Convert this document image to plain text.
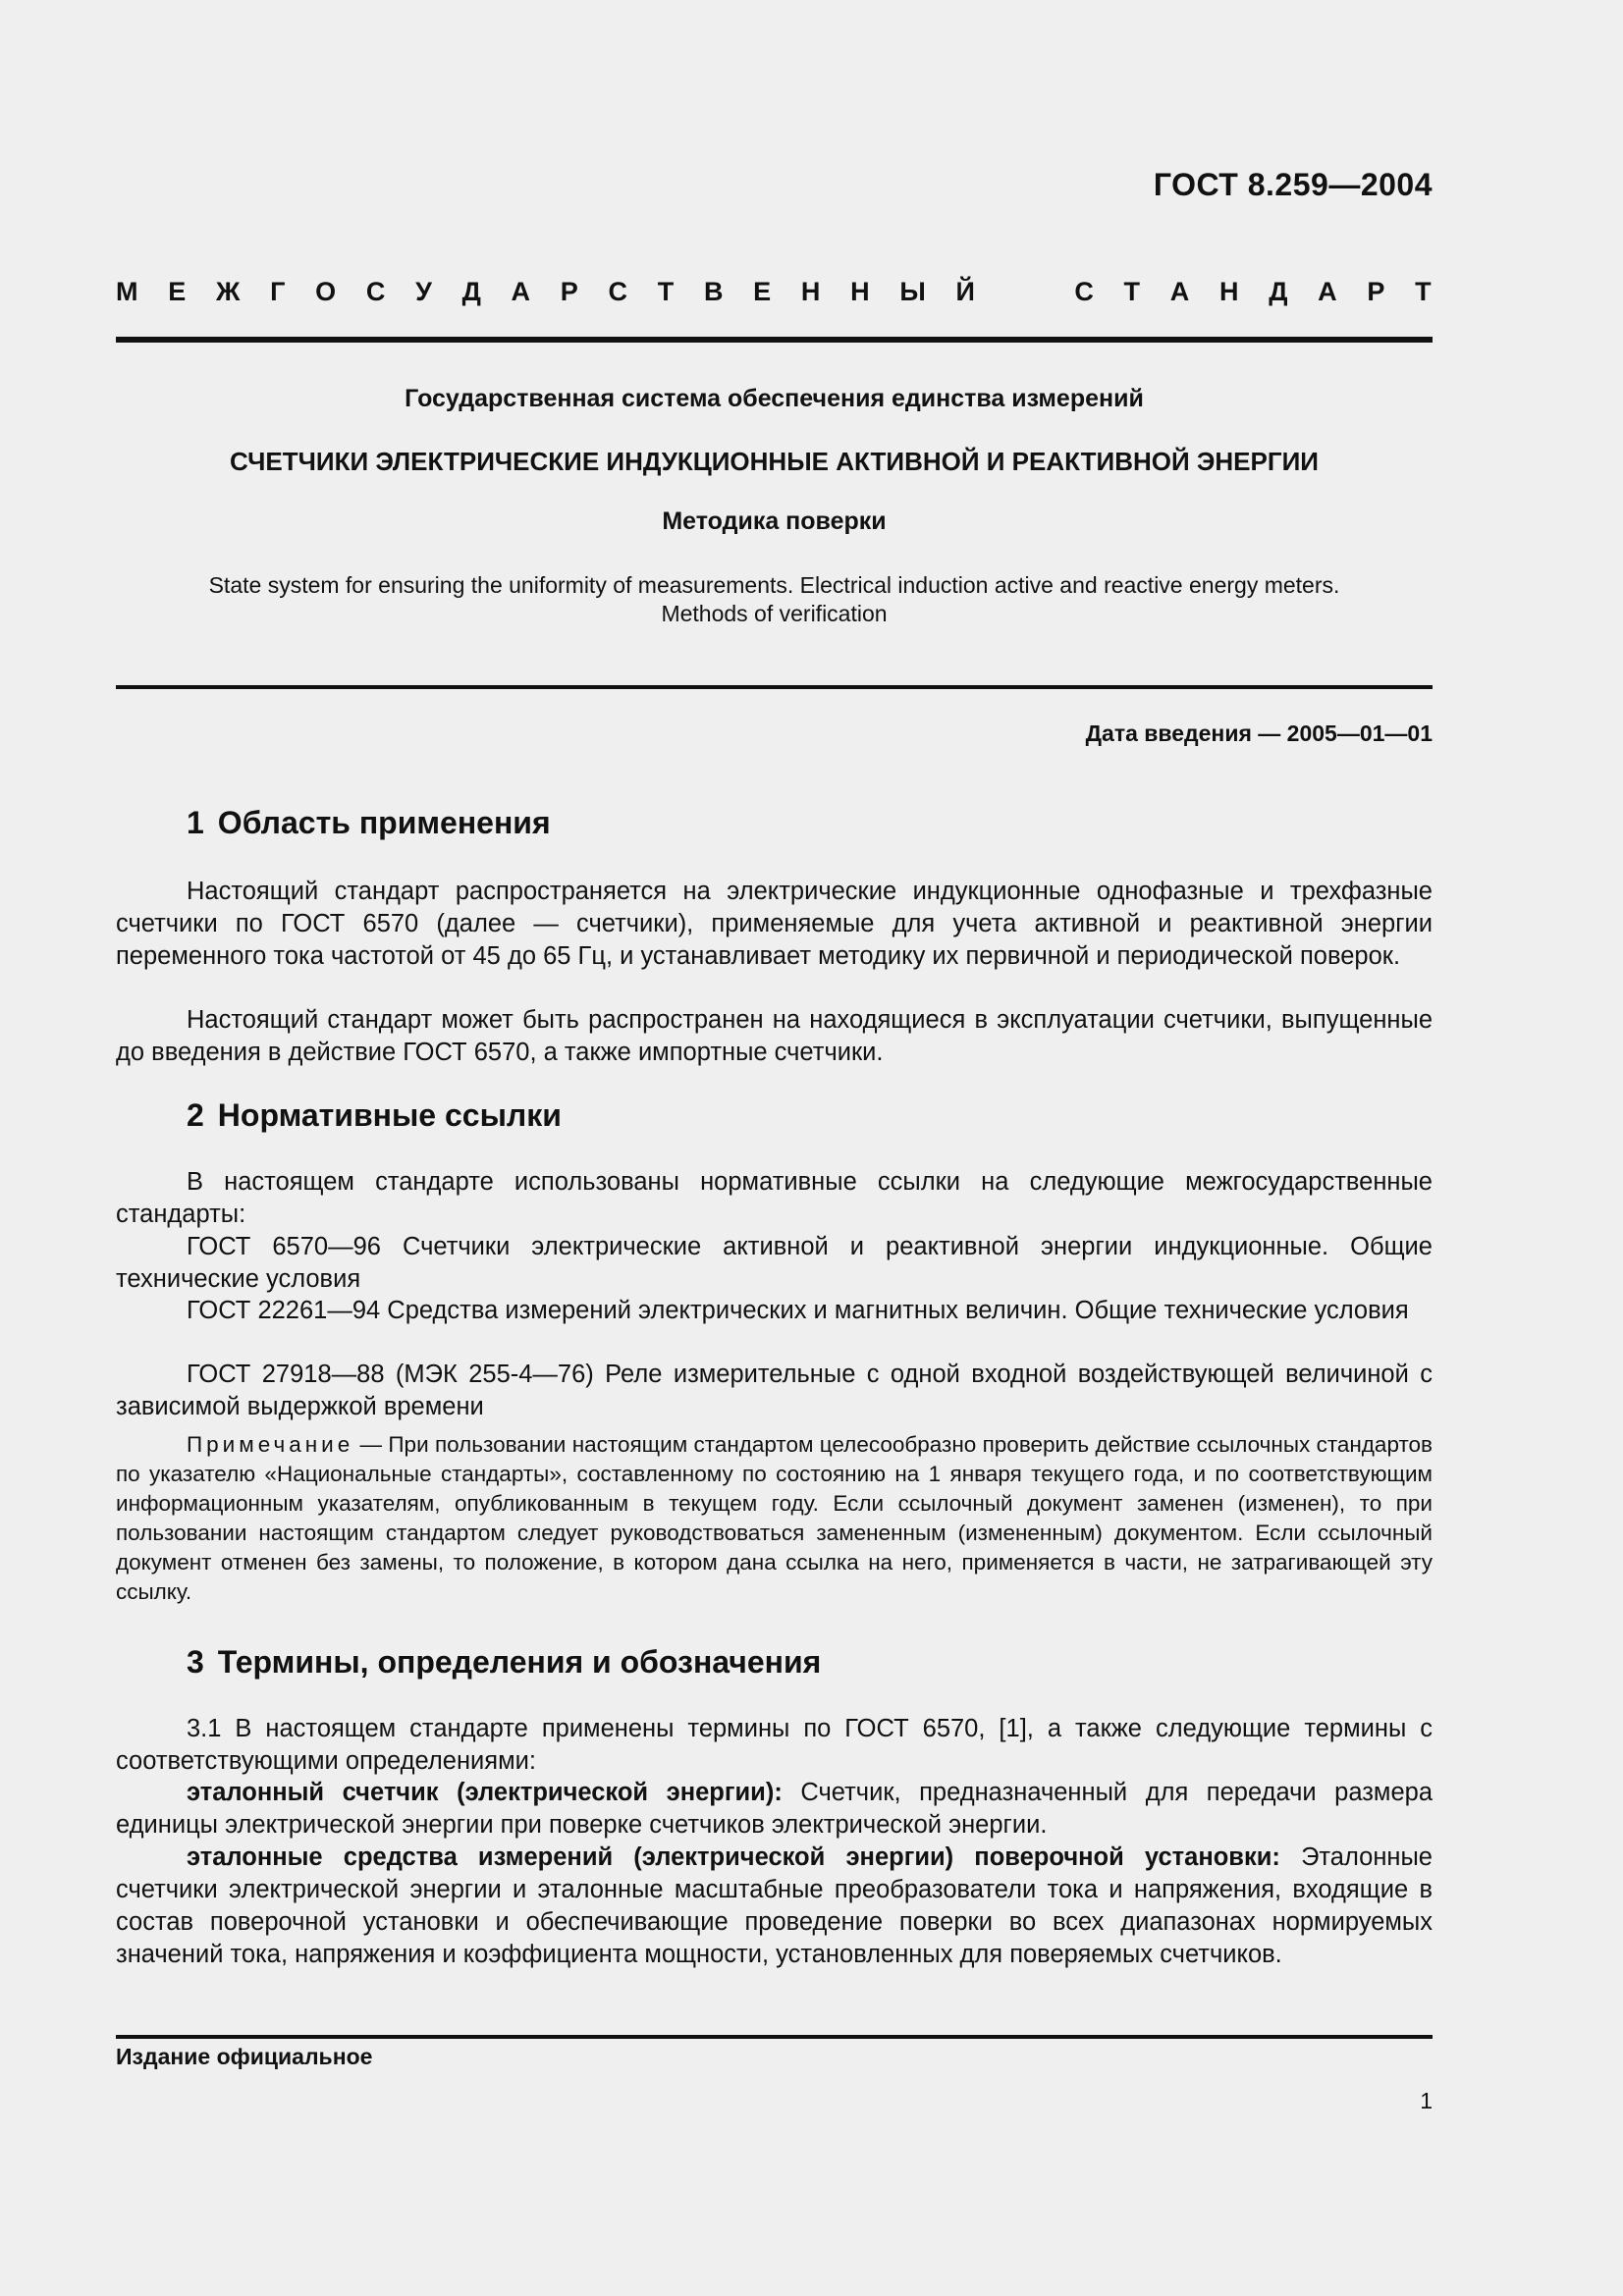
ГОСТ 8.259—2004
М Е Ж Г О С У Д А Р С Т В Е Н Н Ы Й	С Т А Н Д А Р Т
Государственная система обеспечения единства измерений
СЧЕТЧИКИ ЭЛЕКТРИЧЕСКИЕ ИНДУКЦИОННЫЕ АКТИВНОЙ И РЕАКТИВНОЙ ЭНЕРГИИ
Методика поверки
State system for ensuring the uniformity of measurements. Electrical induction active and reactive energy meters.
Methods of verification
Дата введения — 2005—01—01
1 Область применения
Настоящий стандарт распространяется на электрические индукционные однофазные и трехфазные счетчики по ГОСТ 6570 (далее — счетчики), применяемые для учета активной и реактивной энергии переменного тока частотой от 45 до 65 Гц, и устанавливает методику их первичной и периодической поверок.
Настоящий стандарт может быть распространен на находящиеся в эксплуатации счетчики, выпущенные до введения в действие ГОСТ 6570, а также импортные счетчики.
2 Нормативные ссылки
В настоящем стандарте использованы нормативные ссылки на следующие межгосударственные стандарты:
ГОСТ 6570—96 Счетчики электрические активной и реактивной энергии индукционные. Общие технические условия
ГОСТ 22261—94 Средства измерений электрических и магнитных величин. Общие технические условия
ГОСТ 27918—88 (МЭК 255-4—76) Реле измерительные с одной входной воздействующей величиной с зависимой выдержкой времени
Примечание — При пользовании настоящим стандартом целесообразно проверить действие ссылочных стандартов по указателю «Национальные стандарты», составленному по состоянию на 1 января текущего года, и по соответствующим информационным указателям, опубликованным в текущем году. Если ссылочный документ заменен (изменен), то при пользовании настоящим стандартом следует руководствоваться замененным (измененным) документом. Если ссылочный документ отменен без замены, то положение, в котором дана ссылка на него, применяется в части, не затрагивающей эту ссылку.
3 Термины, определения и обозначения
3.1 В настоящем стандарте применены термины по ГОСТ 6570, [1], а также следующие термины с соответствующими определениями:
эталонный счетчик (электрической энергии): Счетчик, предназначенный для передачи размера единицы электрической энергии при поверке счетчиков электрической энергии.
эталонные средства измерений (электрической энергии) поверочной установки: Эталонные счетчики электрической энергии и эталонные масштабные преобразователи тока и напряжения, входящие в состав поверочной установки и обеспечивающие проведение поверки во всех диапазонах нормируемых значений тока, напряжения и коэффициента мощности, установленных для поверяемых счетчиков.
Издание официальное
1
